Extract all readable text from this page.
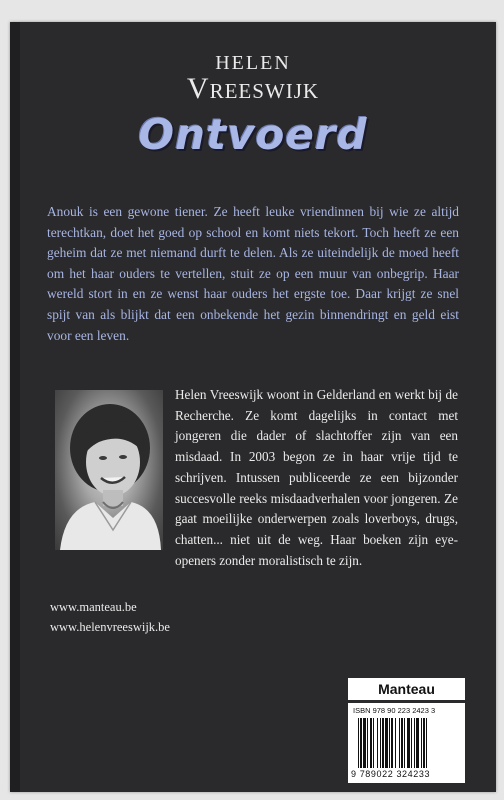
HELEN
Vreeswijk
Ontvoerd

Anouk is een gewone tiener. Ze heeft leuke vriendinnen bij wie ze altijd terechtkan, doet het goed op school en komt niets tekort. Toch heeft ze een geheim dat ze met niemand durft te delen. Als ze uiteindelijk de moed heeft om het haar ouders te vertellen, stuit ze op een muur van onbegrip. Haar wereld stort in en ze wenst haar ouders het ergste toe. Daar krijgt ze snel spijt van als blijkt dat een onbekende het gezin binnendringt en geld eist voor een leven.

Helen Vreeswijk woont in Gelderland en werkt bij de Recherche. Ze komt dagelijks in contact met jongeren die dader of slachtoffer zijn van een misdaad. In 2003 begon ze in haar vrije tijd te schrijven. Intussen publiceerde ze een bijzonder succesvolle reeks misdaadverhalen voor jongeren. Ze gaat moeilijke onderwerpen zoals loverboys, drugs, chatten... niet uit de weg. Haar boeken zijn eye-openers zonder moralistisch te zijn.

www.manteau.be
www.helenvreeswijk.be
Manteau
ISBN 978 90 223 2423 3
9 789022 324233
